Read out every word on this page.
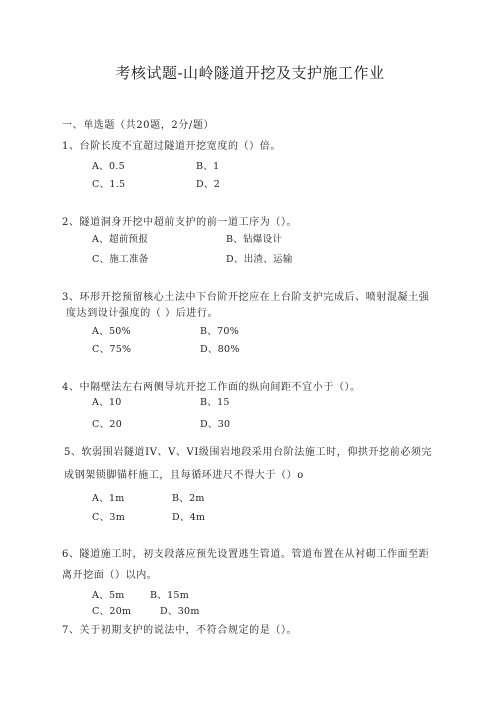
考核试题-山岭隧道开挖及支护施工作业
一、单选题（共20题，2分/题）
1、台阶长度不宜超过隧道开挖宽度的（）倍。
A、0.5	B、1
C、1.5	D、2
2、隧道洞身开挖中超前支护的前一道工序为（）。
A、超前预报	B、钻爆设计
C、施工准备	D、出渣、运输
3、环形开挖预留核心土法中下台阶开挖应在上台阶支护完成后、喷射混凝土强
度达到设计强度的（ ）后进行。
A、50%	B、70%
C、75%	D、80%
4、中隔壁法左右两侧导坑开挖工作面的纵向间距不宜小于（）。
A、10	B、15
C、20	D、30
5、软弱围岩隧道IV、V、VI级围岩地段采用台阶法施工时，仰拱开挖前必须完
成钢架锁脚锚杆施工，且每循环进尺不得大于（）o
A、1m	B、2m
C、3m	D、4m
6、隧道施工时，初支段落应预先设置逃生管道。管道布置在从衬砌工作面至距
离开挖面（）以内。
A、5m	B、15m
C、20m	D、30m
7、关于初期支护的说法中，不符合规定的是（）。
